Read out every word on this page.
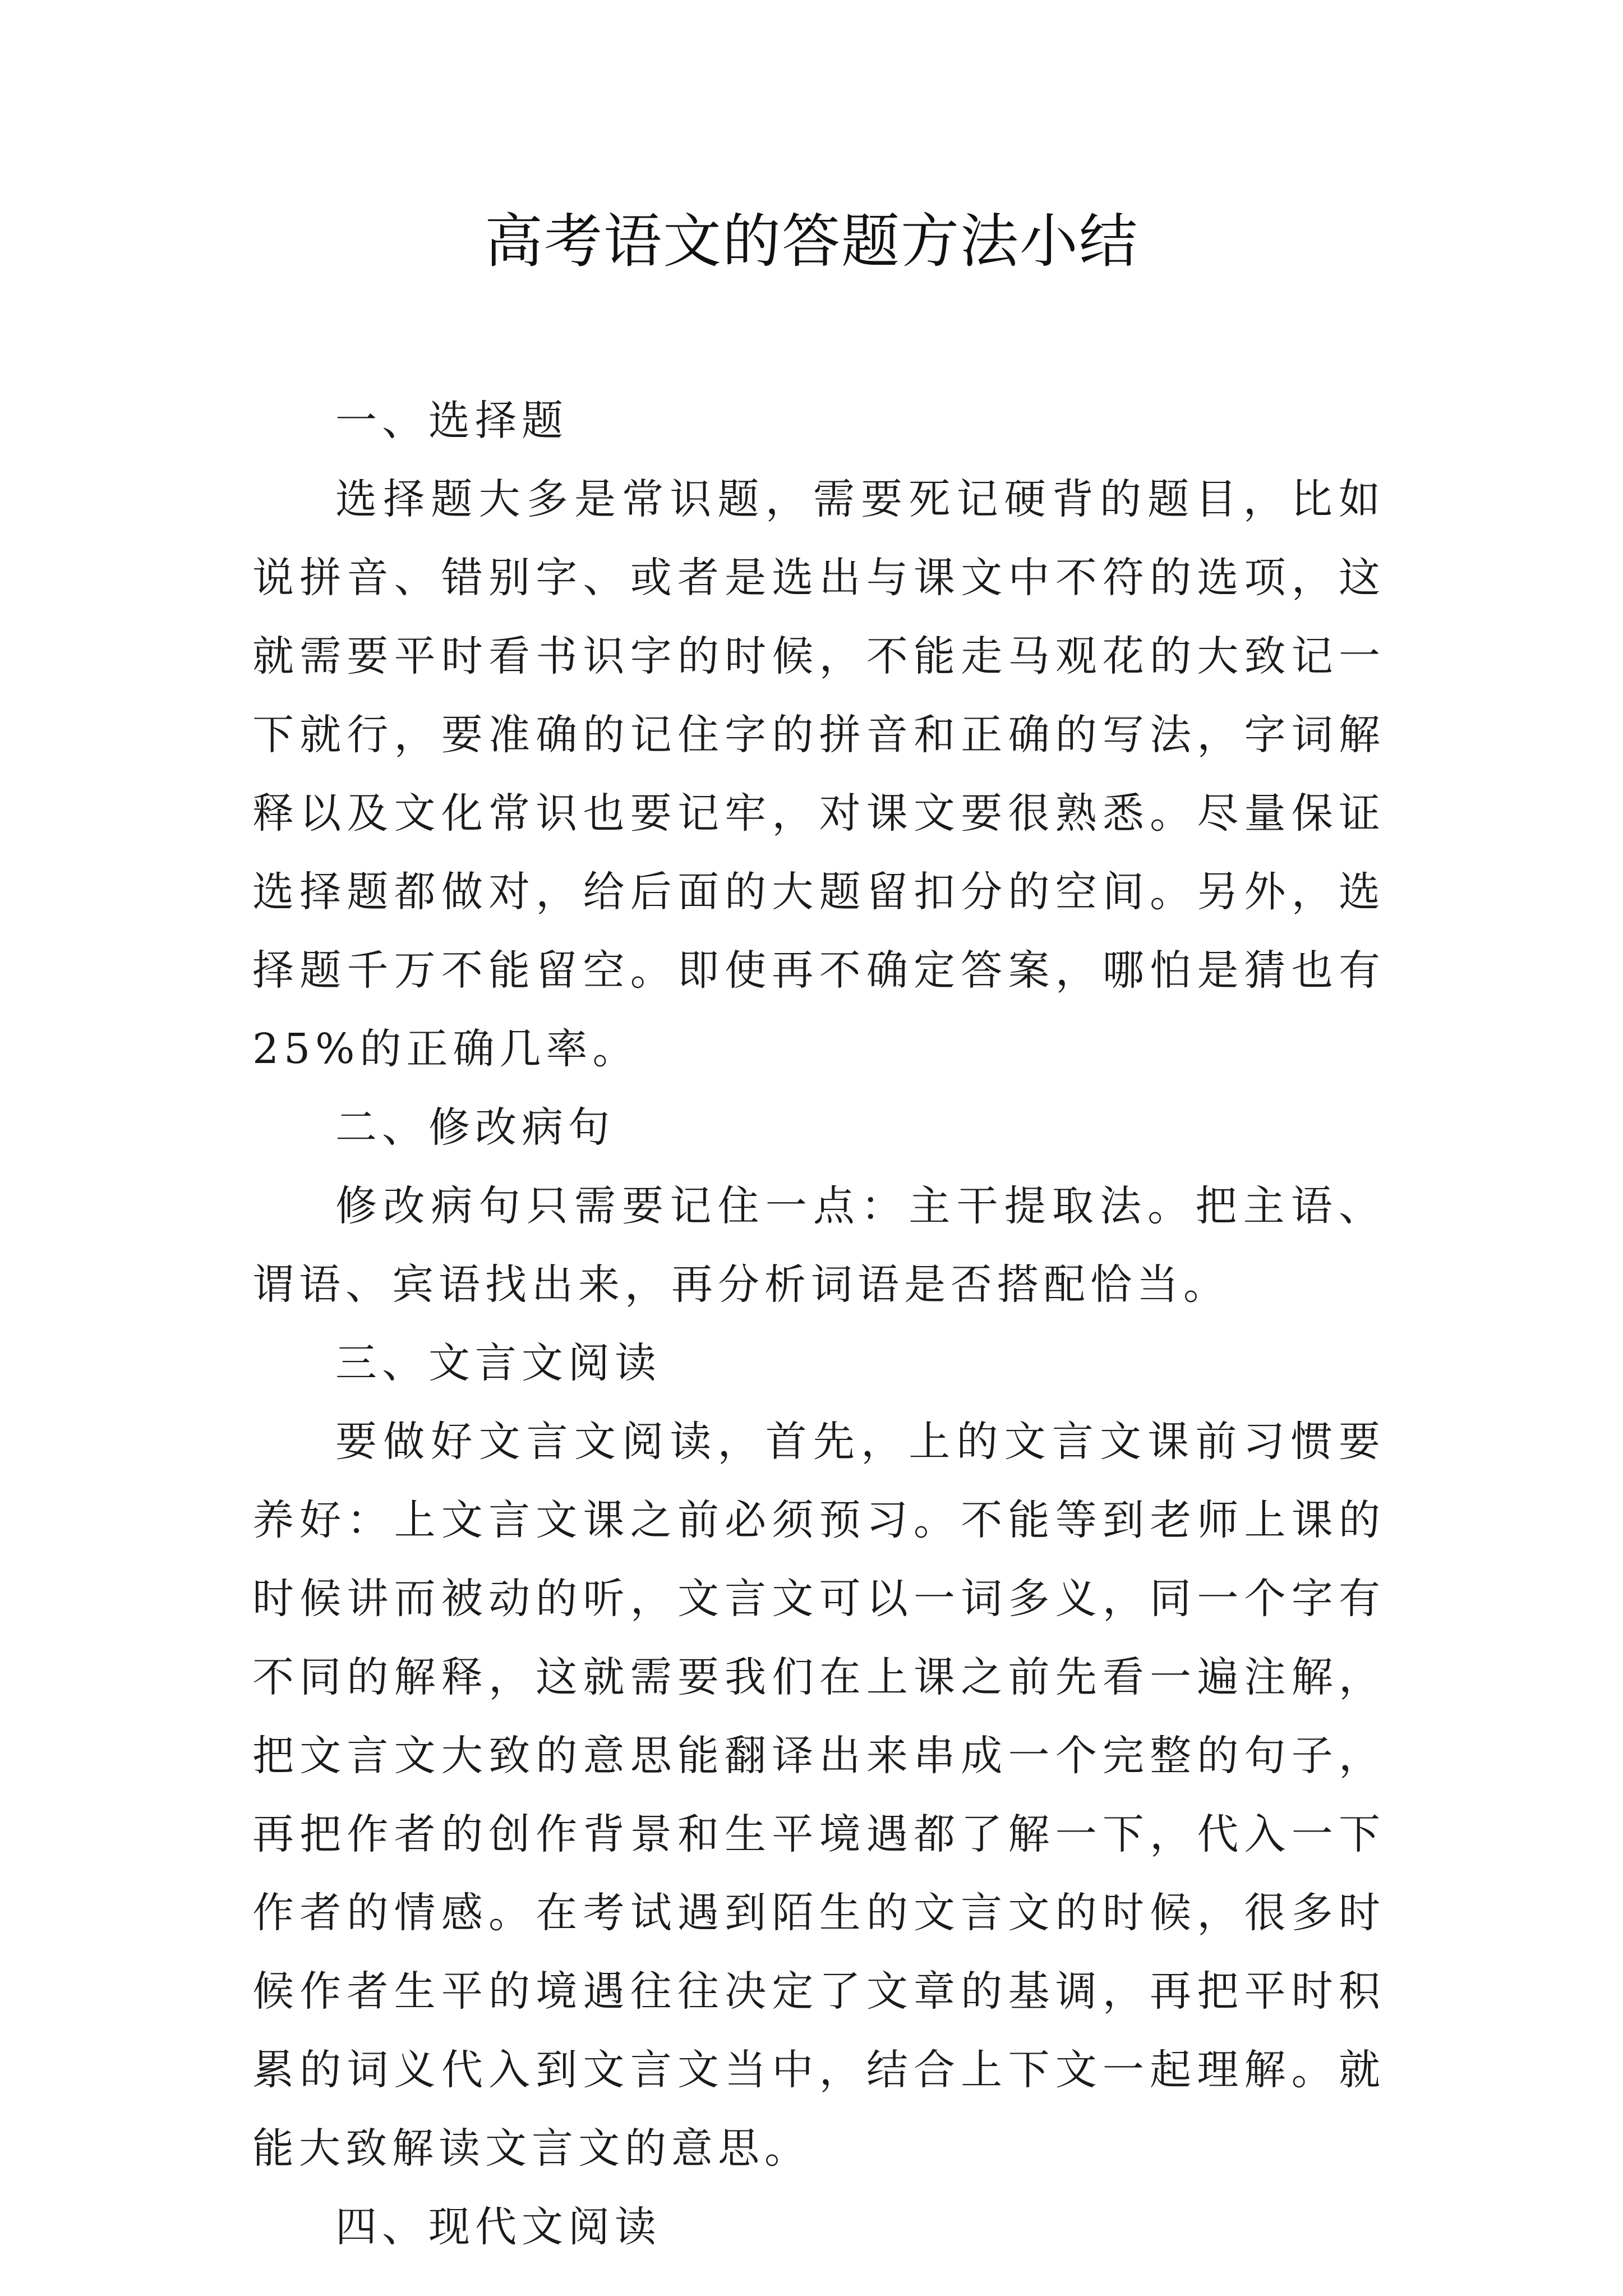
高考语文的答题方法小结

一、选择题

选择题大多是常识题，需要死记硬背的题目，比如说拼音、错别字、或者是选出与课文中不符的选项，这就需要平时看书识字的时候，不能走马观花的大致记一下就行，要准确的记住字的拼音和正确的写法，字词解释以及文化常识也要记牢，对课文要很熟悉。尽量保证选择题都做对，给后面的大题留扣分的空间。另外，选择题千万不能留空。即使再不确定答案，哪怕是猜也有 25%的正确几率。

二、修改病句

修改病句只需要记住一点：主干提取法。把主语、谓语、宾语找出来，再分析词语是否搭配恰当。

三、文言文阅读

要做好文言文阅读，首先，上的文言文课前习惯要养好：上文言文课之前必须预习。不能等到老师上课的时候讲而被动的听，文言文可以一词多义，同一个字有不同的解释，这就需要我们在上课之前先看一遍注解，把文言文大致的意思能翻译出来串成一个完整的句子，再把作者的创作背景和生平境遇都了解一下，代入一下作者的情感。在考试遇到陌生的文言文的时候，很多时候作者生平的境遇往往决定了文章的基调，再把平时积累的词义代入到文言文当中，结合上下文一起理解。就能大致解读文言文的意思。

四、现代文阅读
